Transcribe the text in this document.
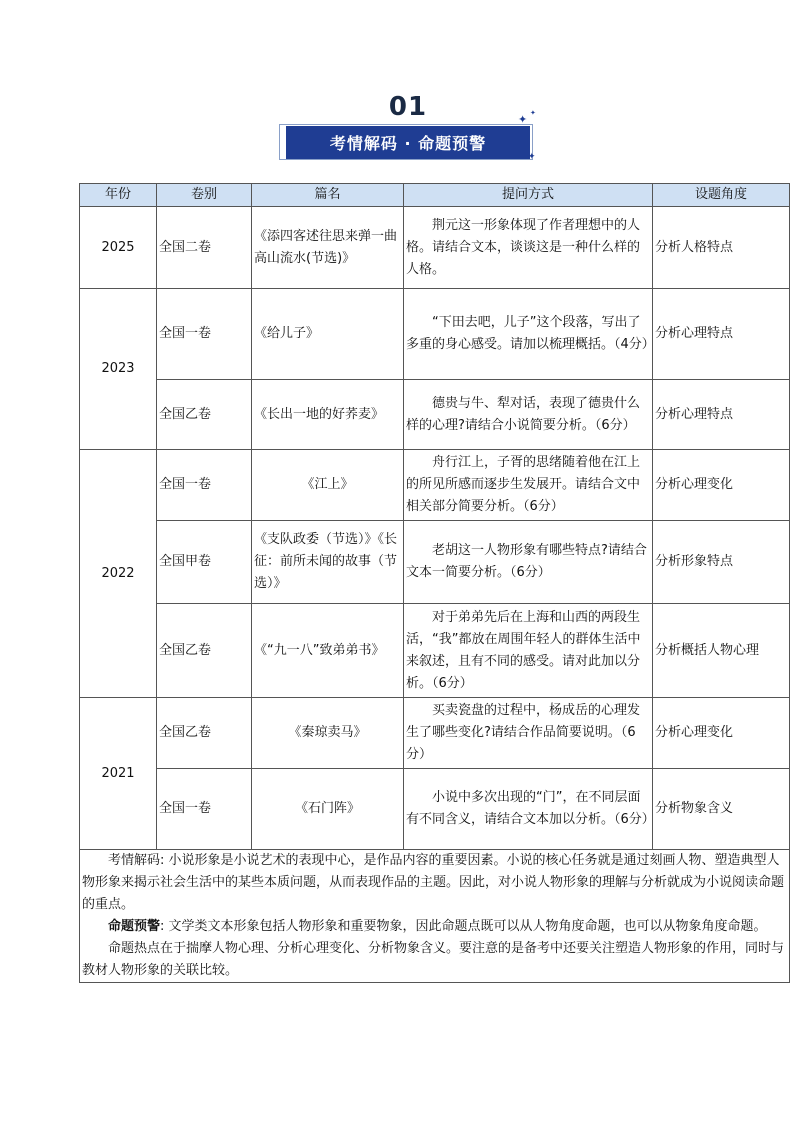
01
考情解码 · 命题预警
✦ ✦
✦
年份	卷别	篇名	提问方式	设题角度
2025	全国二卷	《添四客述往思来弹一曲高山流水(节选)》	荆元这一形象体现了作者理想中的人格。请结合文本，谈谈这是一种什么样的人格。	分析人格特点
2023	全国一卷	《给儿子》	“下田去吧，儿子”这个段落，写出了多重的身心感受。请加以梳理概括。（4分）	分析心理特点
	全国乙卷	《长出一地的好荞麦》	德贵与牛、犁对话，表现了德贵什么样的心理?请结合小说简要分析。（6分）	分析心理特点
2022	全国一卷	《江上》	舟行江上，子胥的思绪随着他在江上的所见所感而逐步生发展开。请结合文中相关部分简要分析。（6分）	分析心理变化
	全国甲卷	《支队政委（节选）》《长征：前所未闻的故事（节选）》	老胡这一人物形象有哪些特点?请结合文本一简要分析。（6分）	分析形象特点
	全国乙卷	《“九一八”致弟弟书》	对于弟弟先后在上海和山西的两段生活，“我”都放在周围年轻人的群体生活中来叙述，且有不同的感受。请对此加以分析。（6分）	分析概括人物心理
2021	全国乙卷	《秦琼卖马》	买卖瓷盘的过程中，杨成岳的心理发生了哪些变化?请结合作品简要说明。（6分）	分析心理变化
	全国一卷	《石门阵》	小说中多次出现的“门”，在不同层面有不同含义，请结合文本加以分析。（6分）	分析物象含义

考情解码: 小说形象是小说艺术的表现中心，是作品内容的重要因素。小说的核心任务就是通过刻画人物、塑造典型人物形象来揭示社会生活中的某些本质问题，从而表现作品的主题。因此，对小说人物形象的理解与分析就成为小说阅读命题的重点。

命题预警: 文学类文本形象包括人物形象和重要物象，因此命题点既可以从人物角度命题，也可以从物象角度命题。

命题热点在于揣摩人物心理、分析心理变化、分析物象含义。要注意的是备考中还要关注塑造人物形象的作用，同时与教材人物形象的关联比较。				
